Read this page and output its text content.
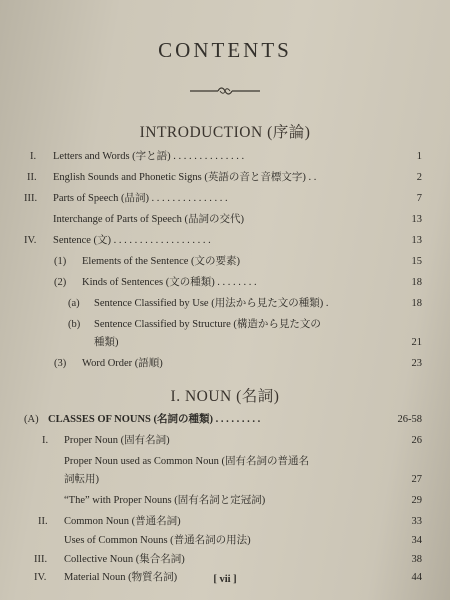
CONTENTS
INTRODUCTION (序論)
I. Letters and Words (字と語) . . . . . . . . . . . . . .	1
II. English Sounds and Phonetic Signs (英語の音と音標文字) . .	2
III. Parts of Speech (品詞) . . . . . . . . . . . . . . .	7
Interchange of Parts of Speech (品詞の交代)	13
IV. Sentence (文) . . . . . . . . . . . . . . . . . . .	13
(1) Elements of the Sentence (文の要素)	15
(2) Kinds of Sentences (文の種類) . . . . . . . .	18
(a) Sentence Classified by Use (用法から見た文の種類) .	18
(b) Sentence Classified by Structure (構造から見た文の
種類)	21
(3) Word Order (語順)	23
I. NOUN (名詞)
(A) CLASSES OF NOUNS (名詞の種類) . . . . . . . . .	26-58
I. Proper Noun (固有名詞)	26
Proper Noun used as Common Noun (固有名詞の普通名
詞転用)	27
“The” with Proper Nouns (固有名詞と定冠詞)	29
II. Common Noun (普通名詞)	33
Uses of Common Nouns (普通名詞の用法)	34
III. Collective Noun (集合名詞)	38
IV. Material Noun (物質名詞)	44
[ vii ]
